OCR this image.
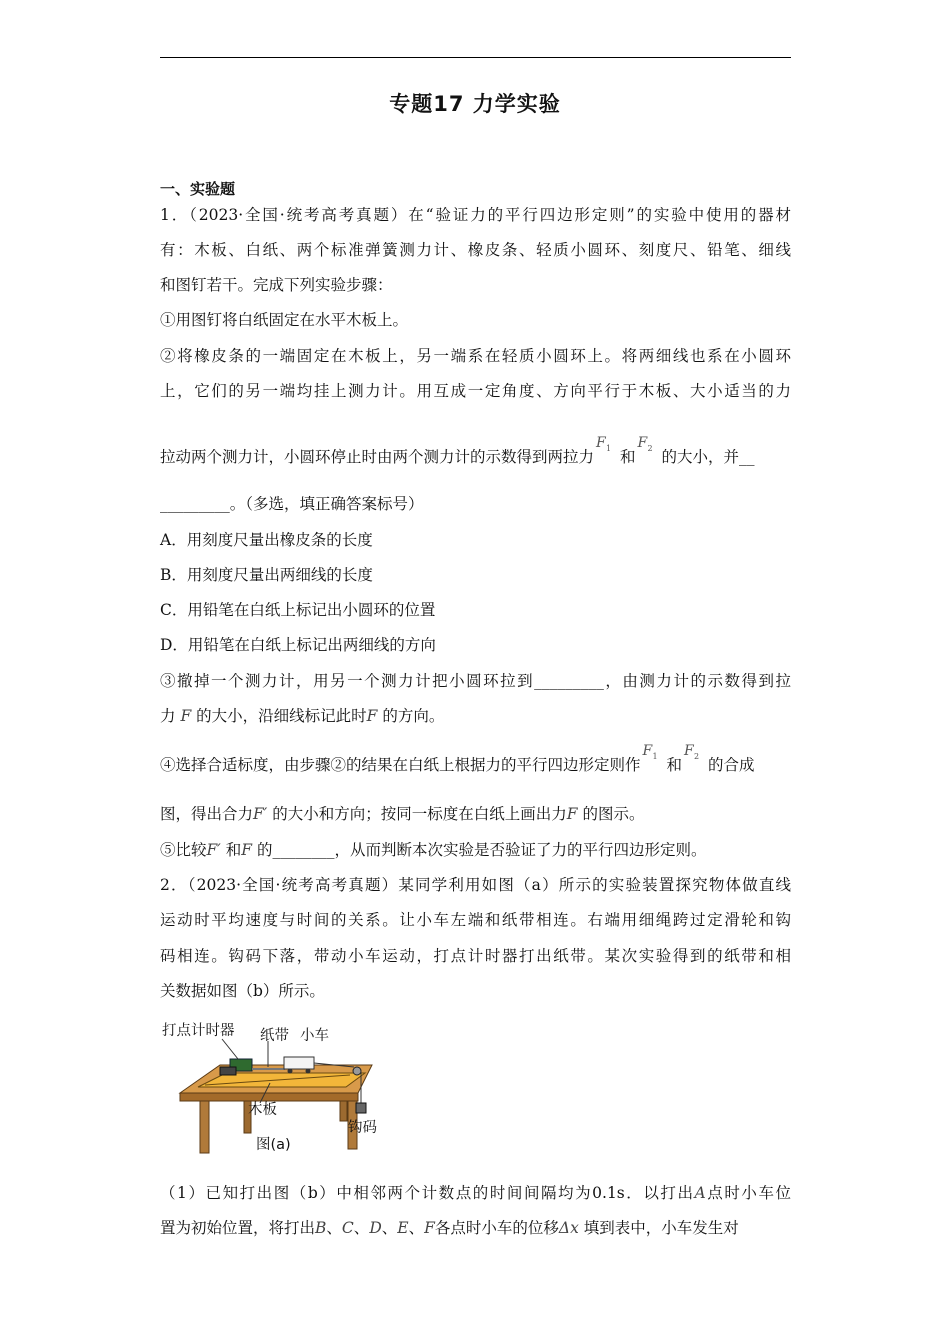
专题17 力学实验
一、实验题
1．（2023·全国·统考高考真题）在“验证力的平行四边形定则”的实验中使用的器材
有：木板、白纸、两个标准弹簧测力计、橡皮条、轻质小圆环、刻度尺、铅笔、细线
和图钉若干。完成下列实验步骤：
①用图钉将白纸固定在水平木板上。
②将橡皮条的一端固定在木板上，另一端系在轻质小圆环上。将两细线也系在小圆环
上，它们的另一端均挂上测力计。用互成一定角度、方向平行于木板、大小适当的力
拉动两个测力计，小圆环停止时由两个测力计的示数得到两拉力
F 1 和
F 2 的大小，并__
_________。（多选，填正确答案标号）
A．用刻度尺量出橡皮条的长度
B．用刻度尺量出两细线的长度
C．用铅笔在白纸上标记出小圆环的位置
D．用铅笔在白纸上标记出两细线的方向
③撤掉一个测力计，用另一个测力计把小圆环拉到_________，由测力计的示数得到拉
力 F 的大小，沿细线标记此时F 的方向。
④选择合适标度，由步骤②的结果在白纸上根据力的平行四边形定则作
F 1 和
F 2 的合成
图，得出合力F′ 的大小和方向；按同一标度在白纸上画出力F 的图示。
⑤比较F′ 和F 的________，从而判断本次实验是否验证了力的平行四边形定则。
2．（2023·全国·统考高考真题）某同学利用如图（a）所示的实验装置探究物体做直线
运动时平均速度与时间的关系。让小车左端和纸带相连。右端用细绳跨过定滑轮和钩
码相连。钩码下落，带动小车运动，打点计时器打出纸带。某次实验得到的纸带和相
关数据如图（b）所示。
打点计时器 纸带 小车
木板
钩码
图(a)
（1）已知打出图（b）中相邻两个计数点的时间间隔均为0.1s．以打出A点时小车位
置为初始位置，将打出B、C、D、E、F各点时小车的位移Δx 填到表中，小车发生对
